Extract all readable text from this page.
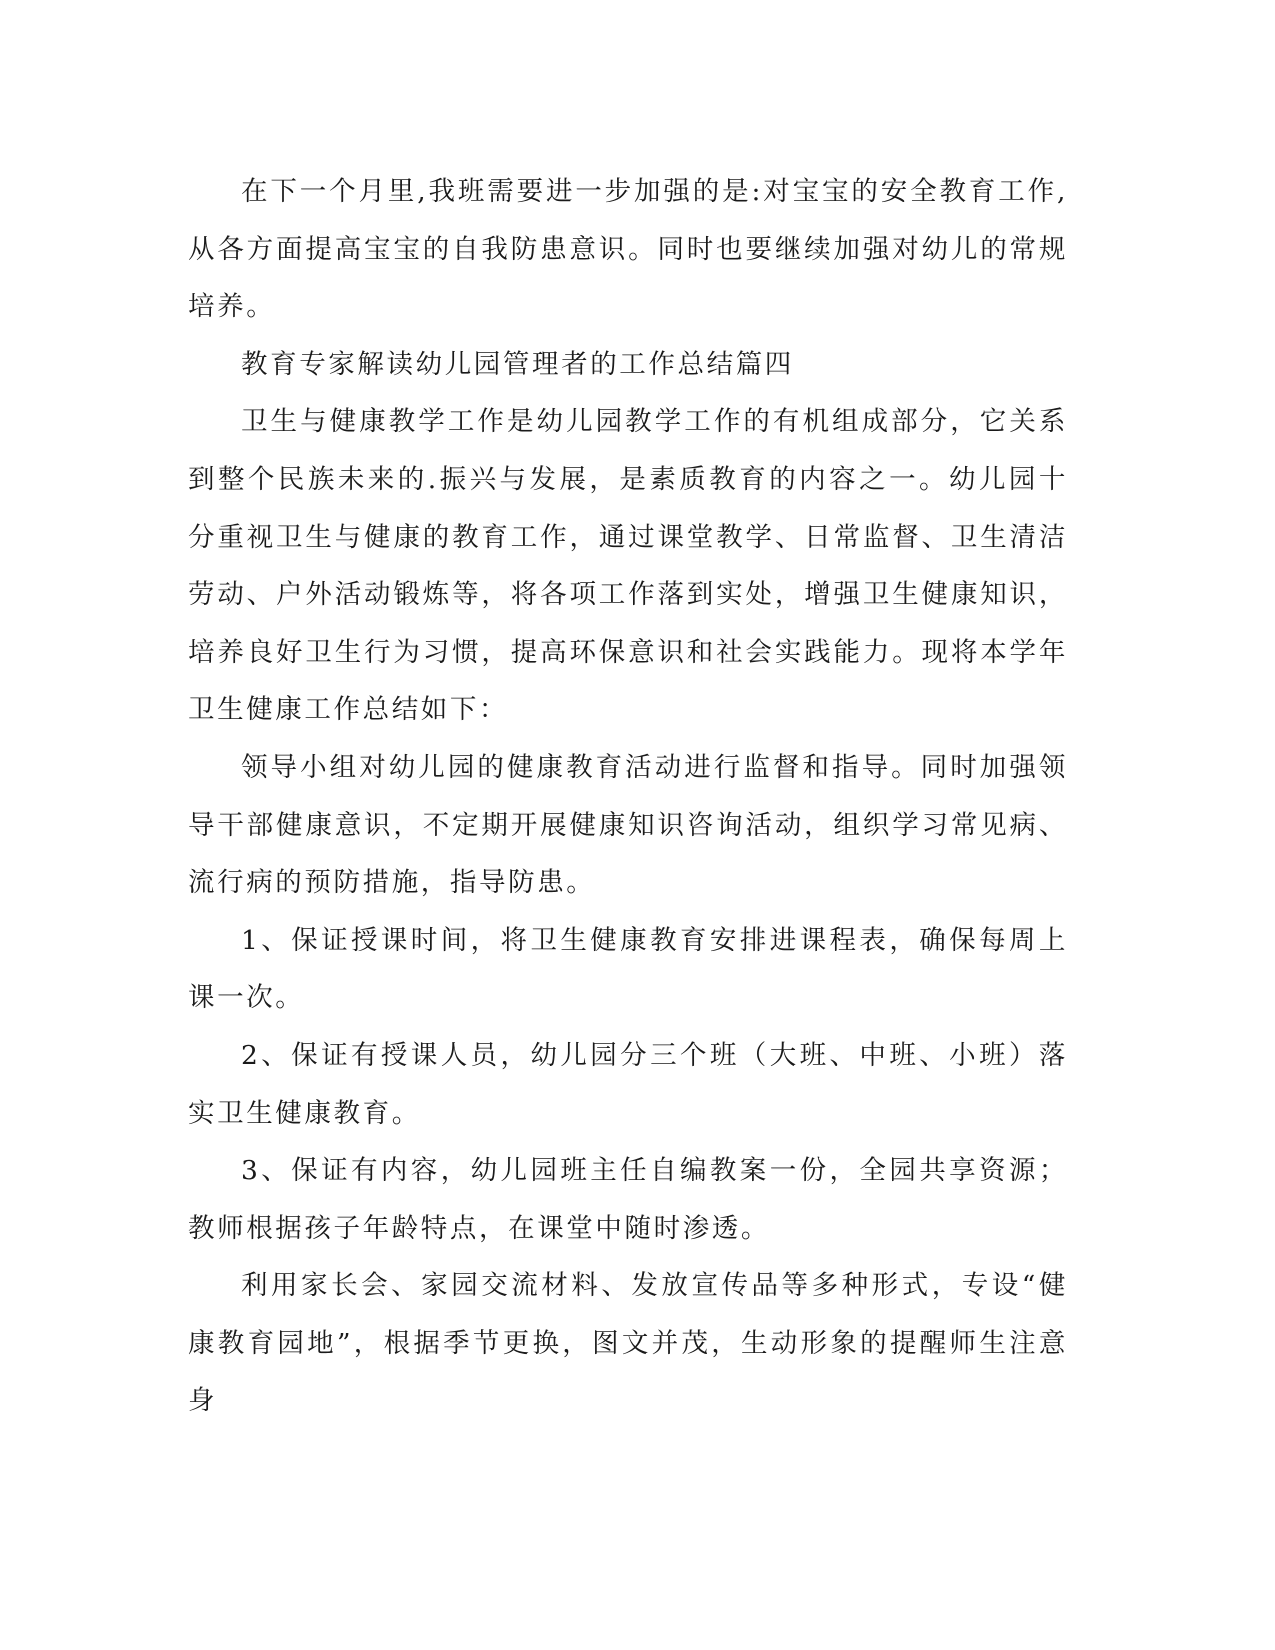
在下一个月里,我班需要进一步加强的是:对宝宝的安全教育工作,从各方面提高宝宝的自我防患意识。同时也要继续加强对幼儿的常规培养。

教育专家解读幼儿园管理者的工作总结篇四

卫生与健康教学工作是幼儿园教学工作的有机组成部分，它关系到整个民族未来的.振兴与发展，是素质教育的内容之一。幼儿园十分重视卫生与健康的教育工作，通过课堂教学、日常监督、卫生清洁劳动、户外活动锻炼等，将各项工作落到实处，增强卫生健康知识，培养良好卫生行为习惯，提高环保意识和社会实践能力。现将本学年卫生健康工作总结如下：

领导小组对幼儿园的健康教育活动进行监督和指导。同时加强领导干部健康意识，不定期开展健康知识咨询活动，组织学习常见病、流行病的预防措施，指导防患。

1、保证授课时间，将卫生健康教育安排进课程表，确保每周上课一次。

2、保证有授课人员，幼儿园分三个班（大班、中班、小班）落实卫生健康教育。

3、保证有内容，幼儿园班主任自编教案一份，全园共享资源；教师根据孩子年龄特点，在课堂中随时渗透。

利用家长会、家园交流材料、发放宣传品等多种形式，专设“健康教育园地”，根据季节更换，图文并茂，生动形象的提醒师生注意身
